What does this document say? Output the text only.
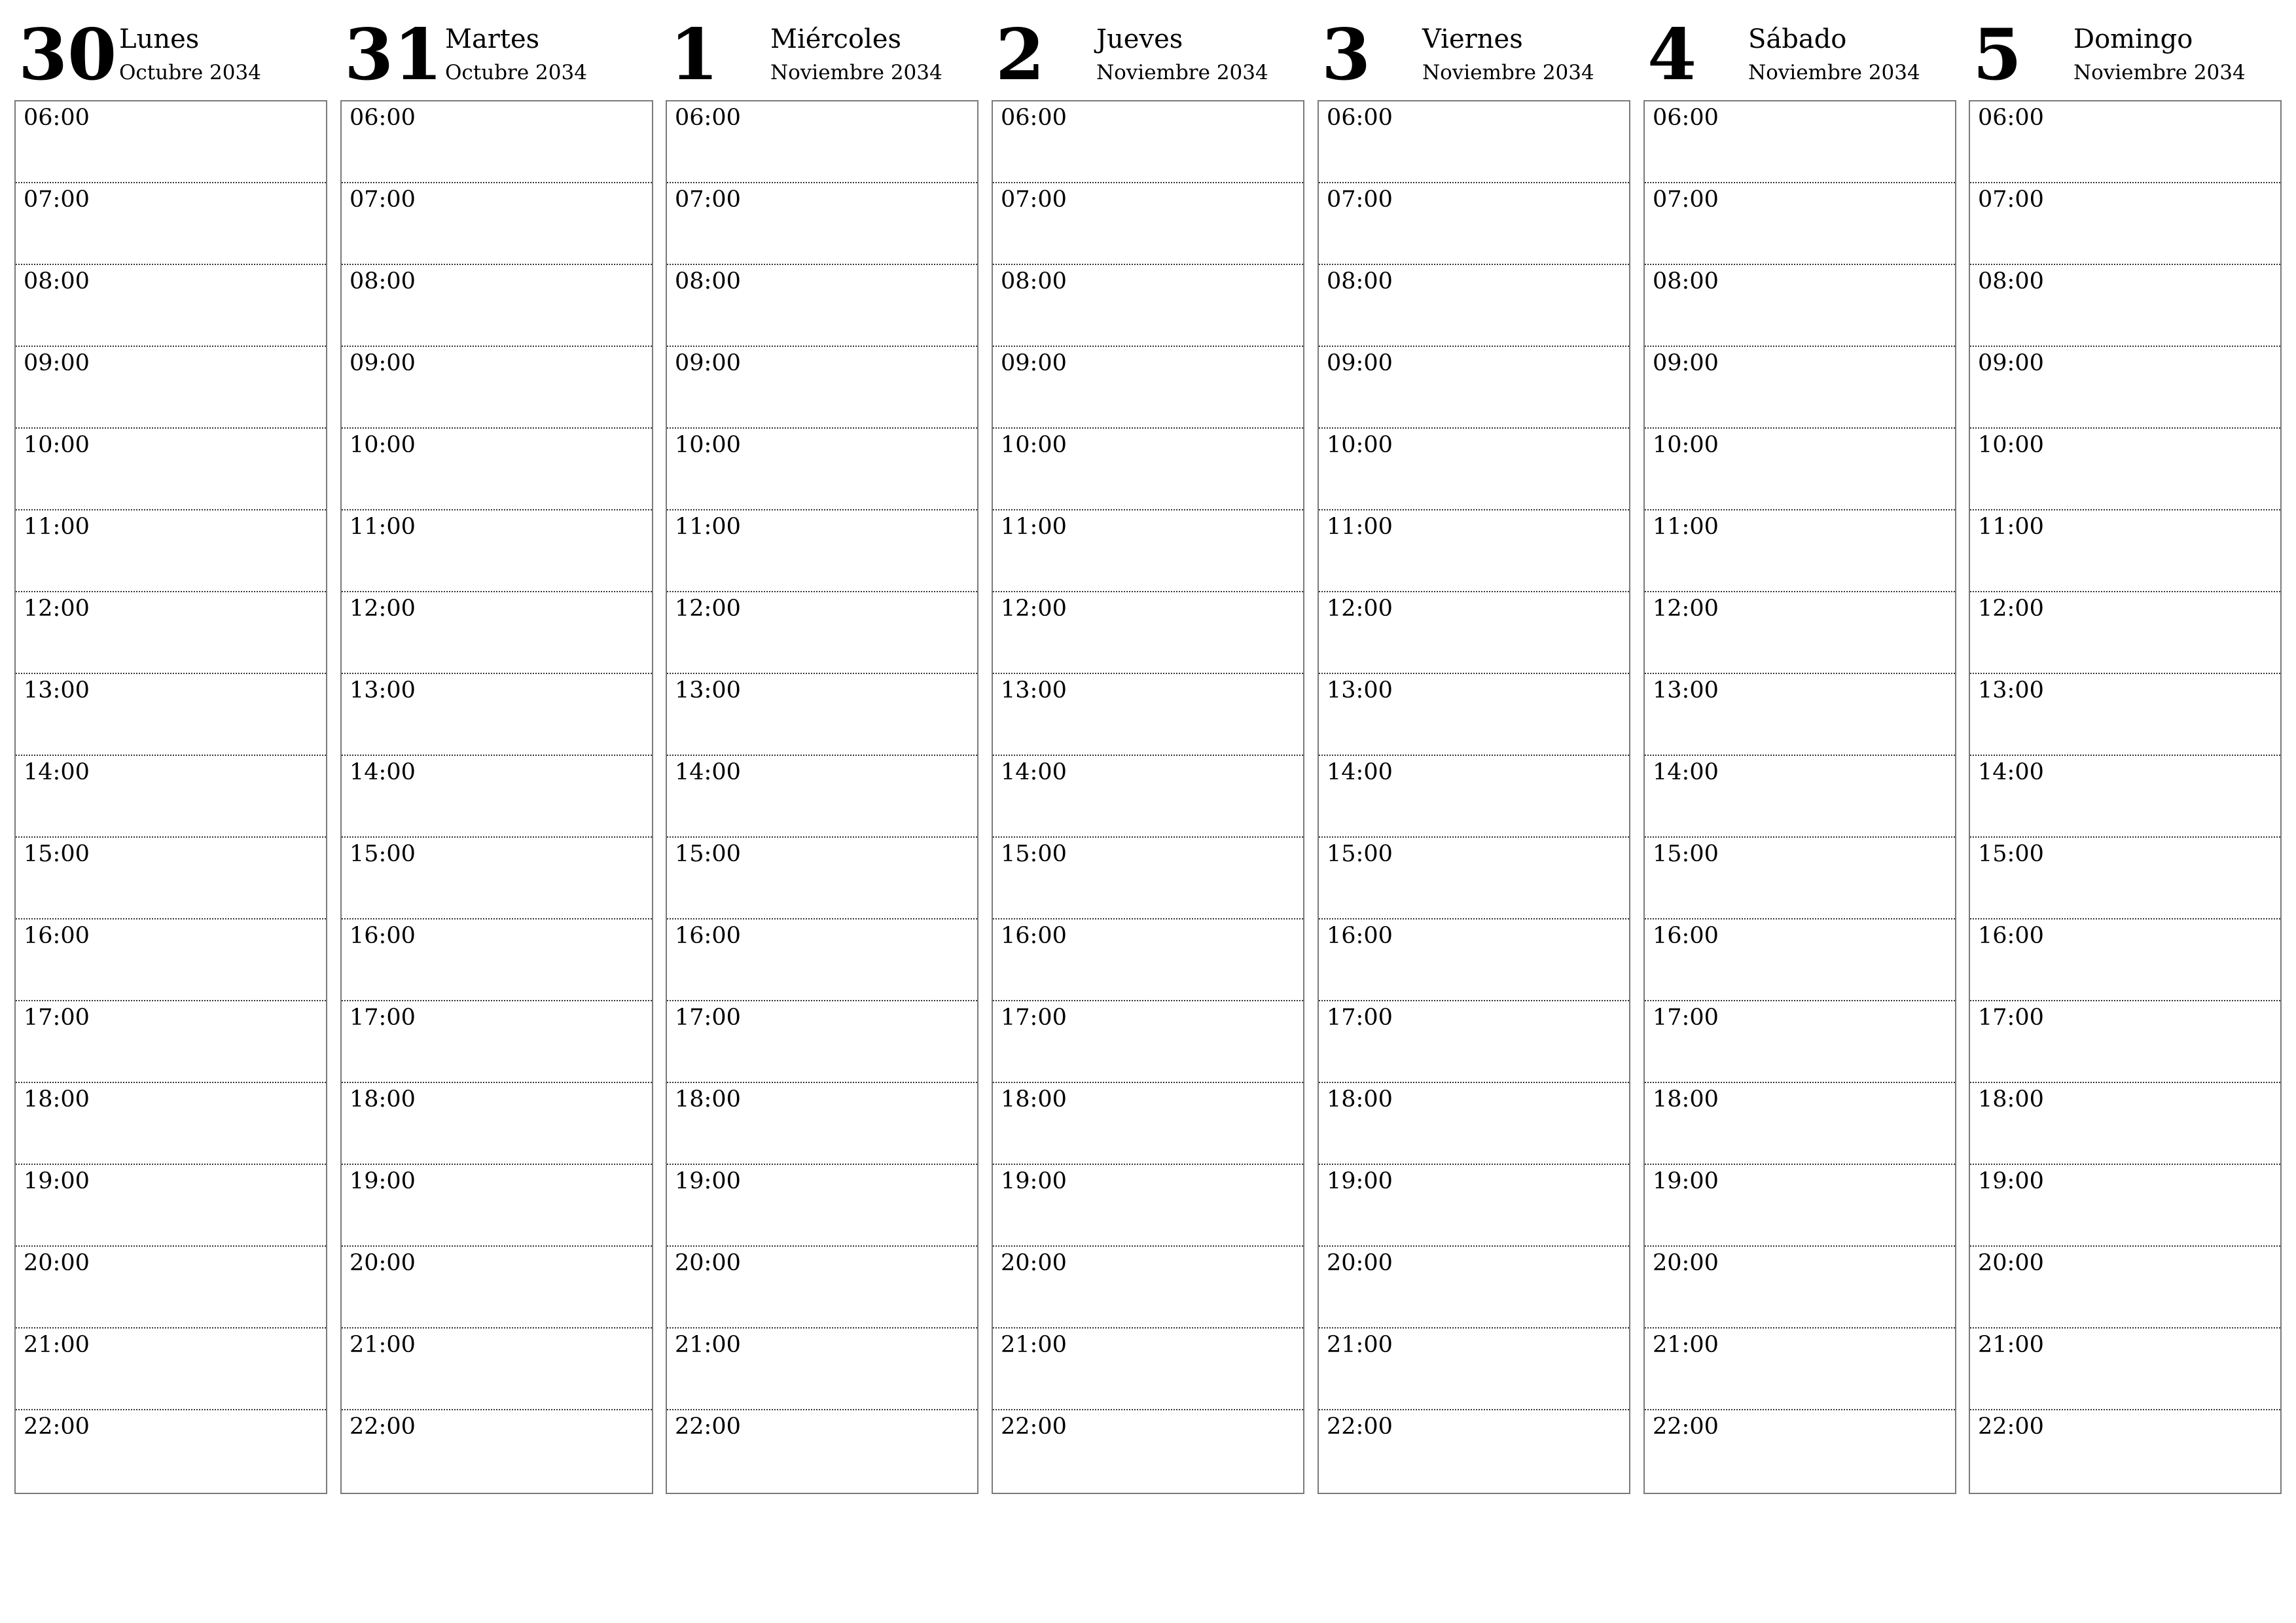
30 Lunes
Octubre 2034
06:00
07:00
08:00
09:00
10:00
11:00
12:00
13:00
14:00
15:00
16:00
17:00
18:00
19:00
20:00
21:00
22:00
31 Martes
Octubre 2034
06:00
07:00
08:00
09:00
10:00
11:00
12:00
13:00
14:00
15:00
16:00
17:00
18:00
19:00
20:00
21:00
22:00
1 Miércoles
Noviembre 2034
06:00
07:00
08:00
09:00
10:00
11:00
12:00
13:00
14:00
15:00
16:00
17:00
18:00
19:00
20:00
21:00
22:00
2 Jueves
Noviembre 2034
06:00
07:00
08:00
09:00
10:00
11:00
12:00
13:00
14:00
15:00
16:00
17:00
18:00
19:00
20:00
21:00
22:00
3 Viernes
Noviembre 2034
06:00
07:00
08:00
09:00
10:00
11:00
12:00
13:00
14:00
15:00
16:00
17:00
18:00
19:00
20:00
21:00
22:00
4 Sábado
Noviembre 2034
06:00
07:00
08:00
09:00
10:00
11:00
12:00
13:00
14:00
15:00
16:00
17:00
18:00
19:00
20:00
21:00
22:00
5 Domingo
Noviembre 2034
06:00
07:00
08:00
09:00
10:00
11:00
12:00
13:00
14:00
15:00
16:00
17:00
18:00
19:00
20:00
21:00
22:00
